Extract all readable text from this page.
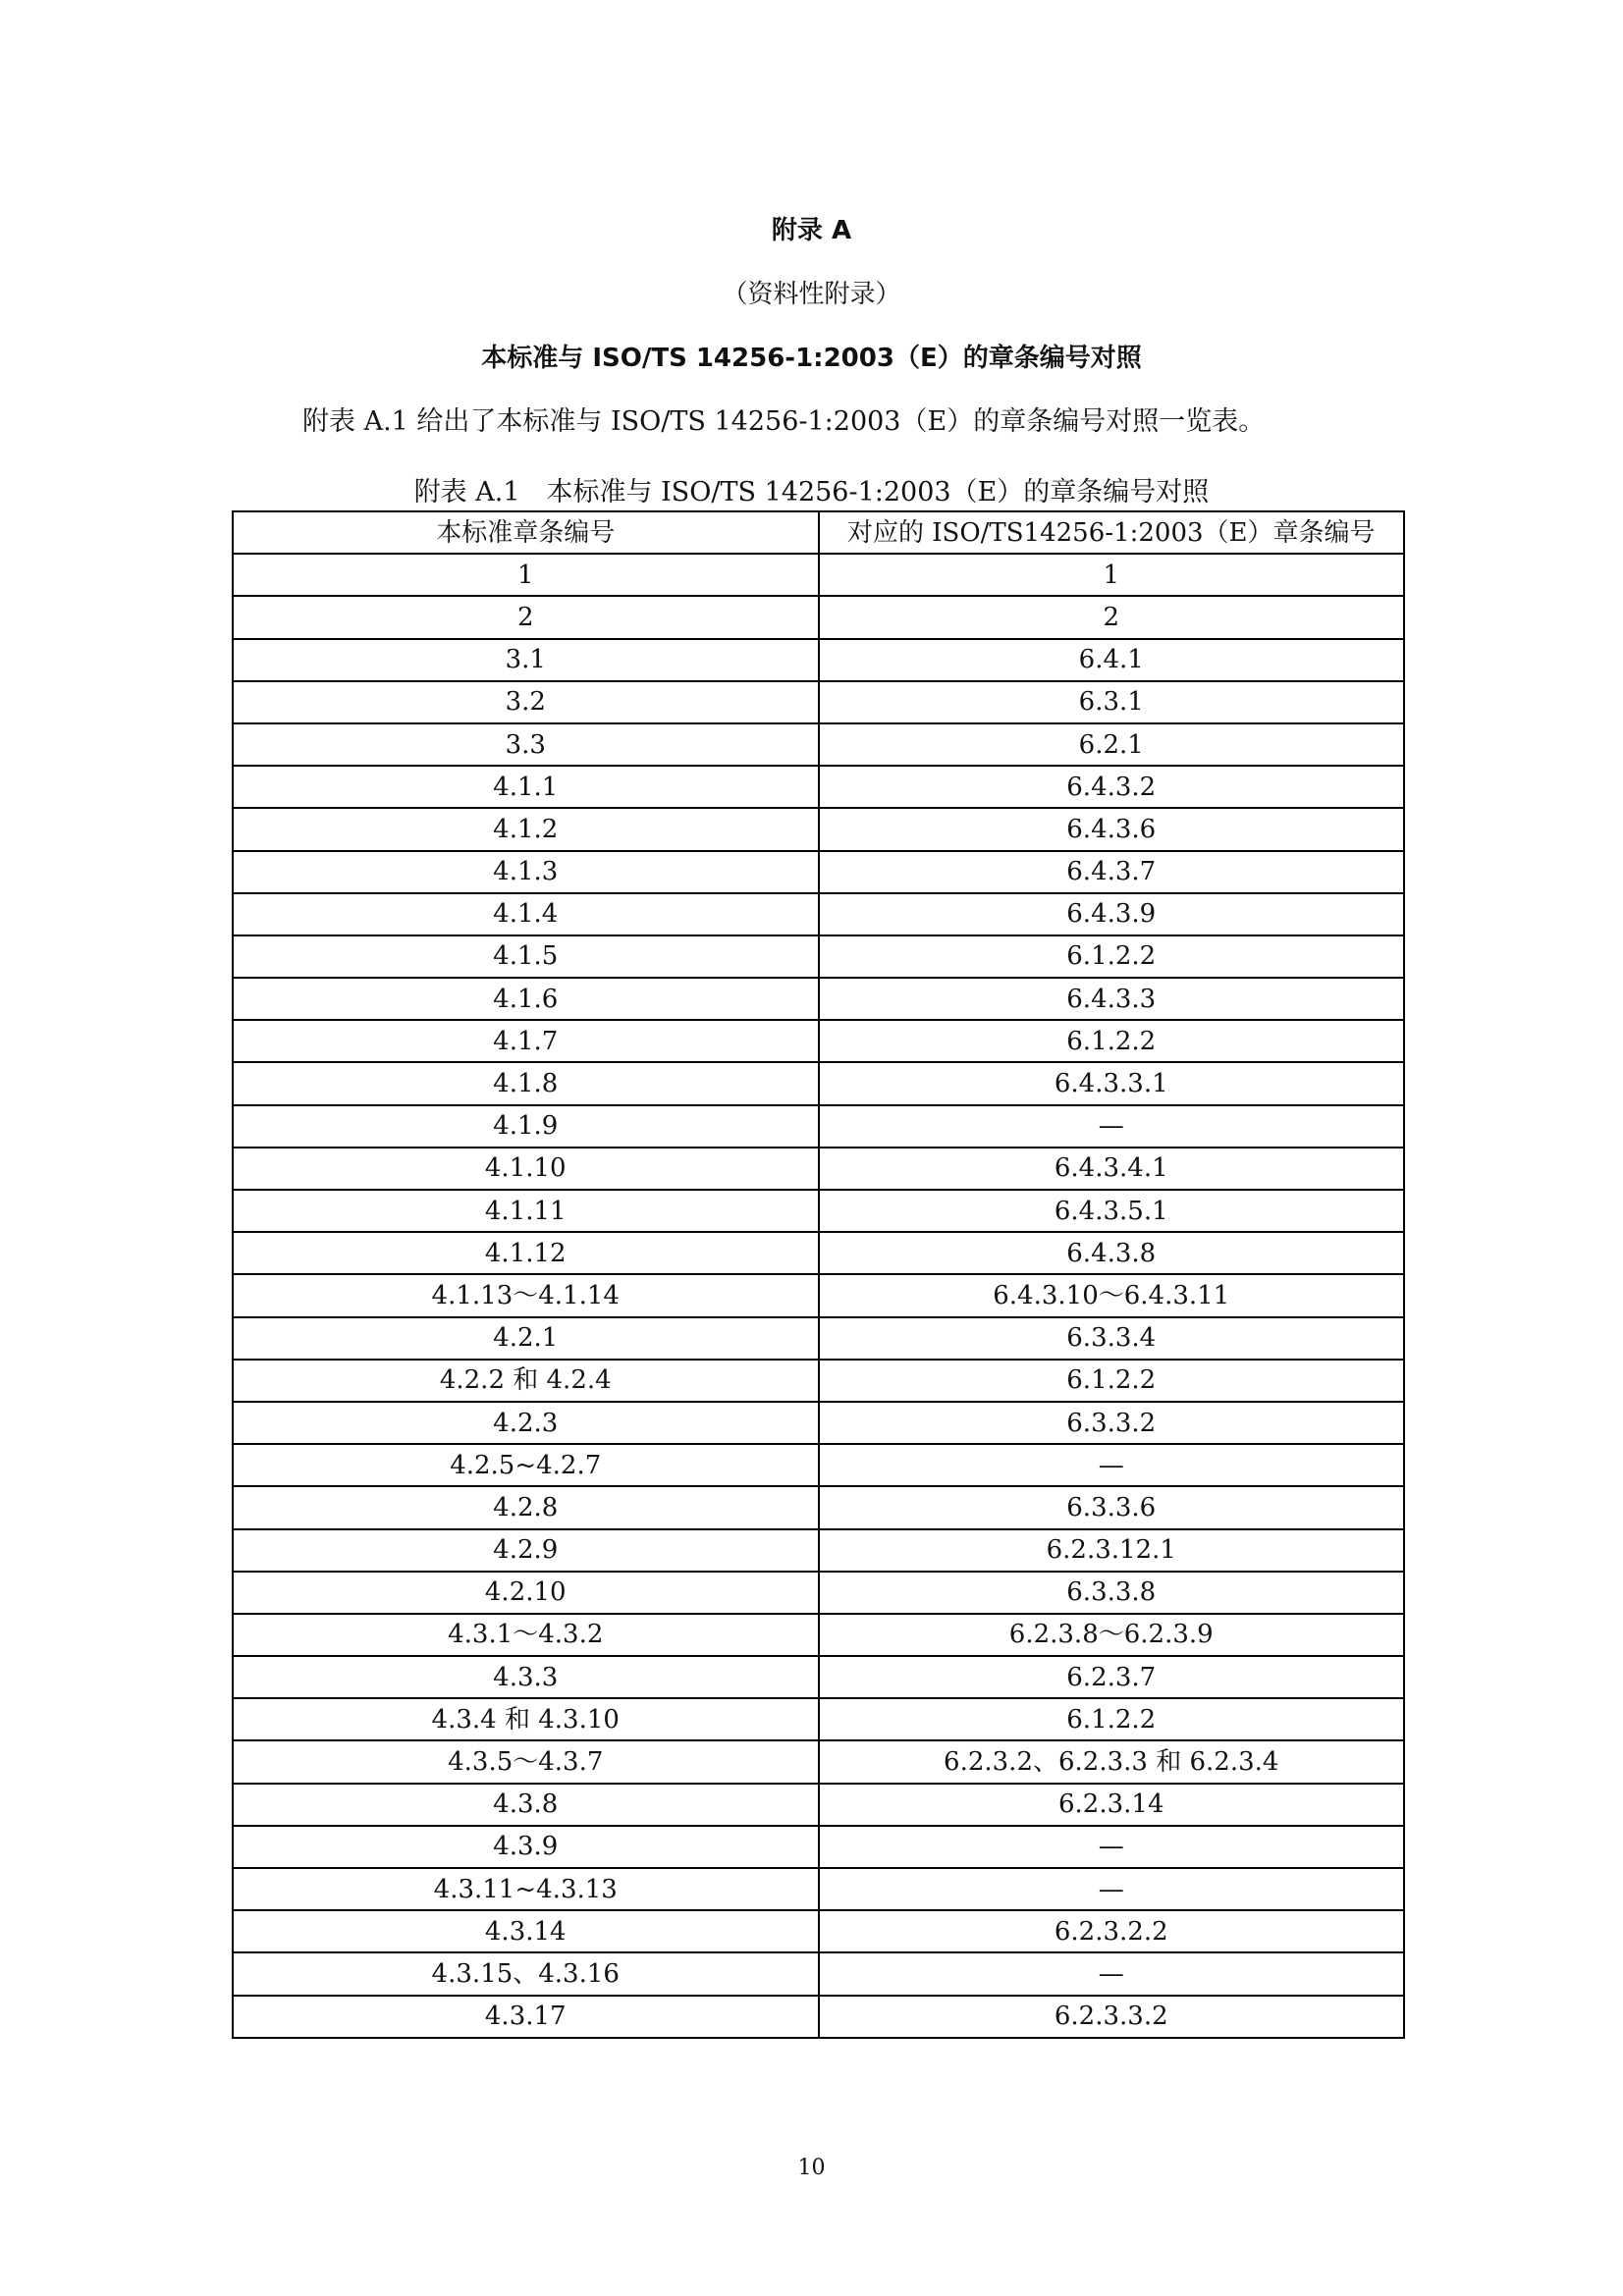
附录 A
（资料性附录）
本标准与 ISO/TS 14256-1:2003（E）的章条编号对照

附表 A.1 给出了本标准与 ISO/TS 14256-1:2003（E）的章条编号对照一览表。

附表 A.1　本标准与 ISO/TS 14256-1:2003（E）的章条编号对照
本标准章条编号	对应的 ISO/TS14256-1:2003（E）章条编号
1	1
2	2
3.1	6.4.1
3.2	6.3.1
3.3	6.2.1
4.1.1	6.4.3.2
4.1.2	6.4.3.6
4.1.3	6.4.3.7
4.1.4	6.4.3.9
4.1.5	6.1.2.2
4.1.6	6.4.3.3
4.1.7	6.1.2.2
4.1.8	6.4.3.3.1
4.1.9	—
4.1.10	6.4.3.4.1
4.1.11	6.4.3.5.1
4.1.12	6.4.3.8
4.1.13～4.1.14	6.4.3.10～6.4.3.11
4.2.1	6.3.3.4
4.2.2 和 4.2.4	6.1.2.2
4.2.3	6.3.3.2
4.2.5~4.2.7	—
4.2.8	6.3.3.6
4.2.9	6.2.3.12.1
4.2.10	6.3.3.8
4.3.1～4.3.2	6.2.3.8～6.2.3.9
4.3.3	6.2.3.7
4.3.4 和 4.3.10	6.1.2.2
4.3.5～4.3.7	6.2.3.2、6.2.3.3 和 6.2.3.4
4.3.8	6.2.3.14
4.3.9	—
4.3.11~4.3.13	—
4.3.14	6.2.3.2.2
4.3.15、4.3.16	—
4.3.17	6.2.3.3.2
10
